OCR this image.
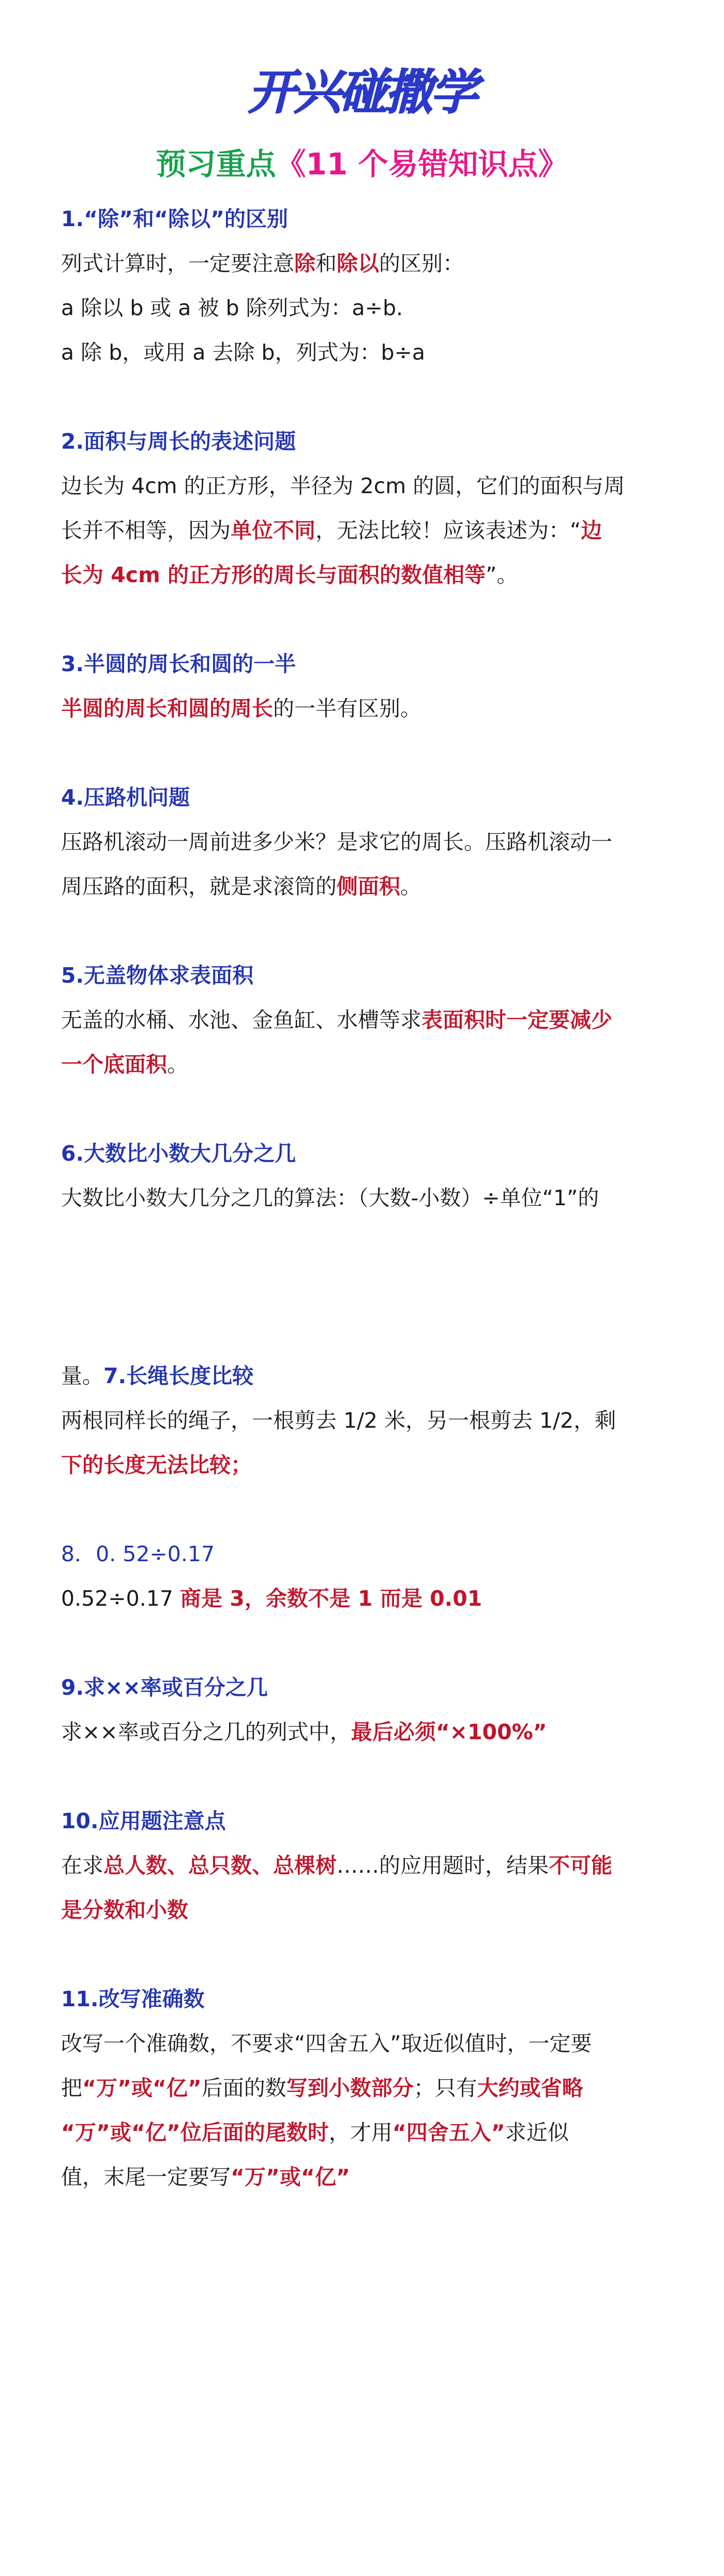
开兴碰撒学
预习重点《11 个易错知识点》
1.“除”和“除以”的区别
列式计算时，一定要注意除和除以的区别：
a 除以 b 或 a 被 b 除列式为：a÷b.
a 除 b，或用 a 去除 b，列式为：b÷a
2.面积与周长的表述问题
边长为 4cm 的正方形，半径为 2cm 的圆，它们的面积与周
长并不相等，因为单位不同，无法比较！应该表述为：“边
长为 4cm 的正方形的周长与面积的数值相等”。
3.半圆的周长和圆的一半
半圆的周长和圆的周长的一半有区别。
4.压路机问题
压路机滚动一周前进多少米？是求它的周长。压路机滚动一
周压路的面积，就是求滚筒的侧面积。
5.无盖物体求表面积
无盖的水桶、水池、金鱼缸、水槽等求表面积时一定要减少
一个底面积。
6.大数比小数大几分之几
大数比小数大几分之几的算法：（大数-小数）÷单位“1”的
量。7.长绳长度比较
两根同样长的绳子，一根剪去 1/2 米，另一根剪去 1/2，剩
下的长度无法比较；
8．0. 52÷0.17
0.52÷0.17 商是 3，余数不是 1 而是 0.01
9.求××率或百分之几
求××率或百分之几的列式中，最后必须“×100%”
10.应用题注意点
在求总人数、总只数、总棵树……的应用题时，结果不可能
是分数和小数
11.改写准确数
改写一个准确数，不要求“四舍五入”取近似值时，一定要
把“万”或“亿”后面的数写到小数部分；只有大约或省略
“万”或“亿”位后面的尾数时，才用“四舍五入”求近似
值，末尾一定要写“万”或“亿”
